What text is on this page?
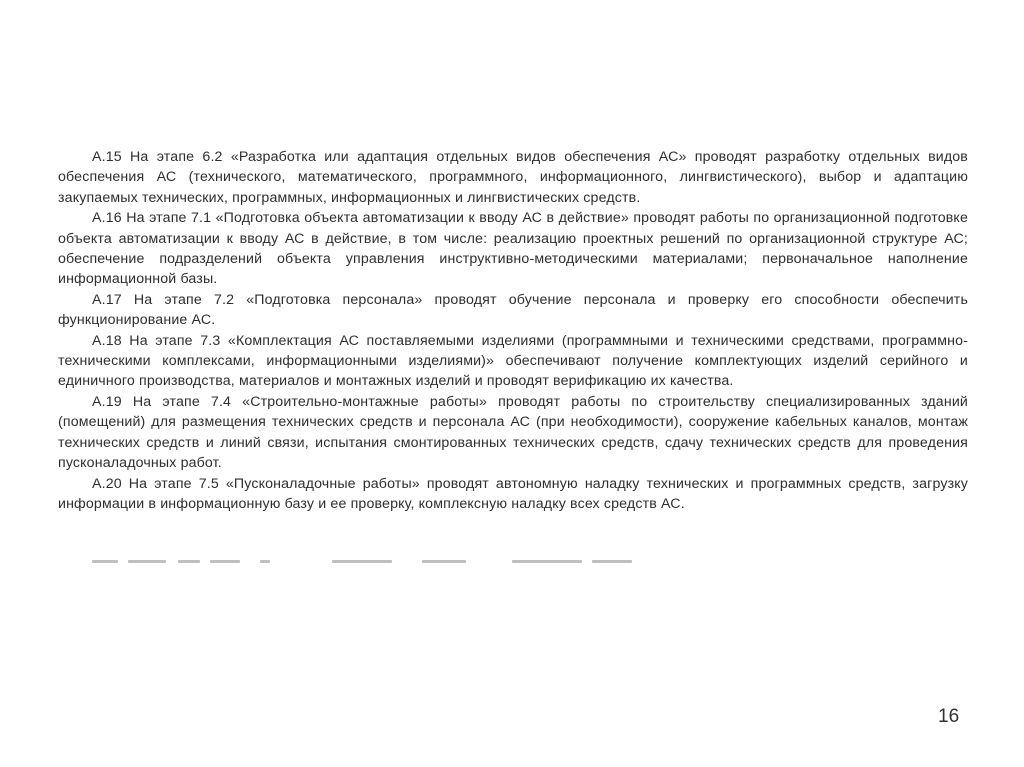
А.15 На этапе 6.2 «Разработка или адаптация отдельных видов обеспечения АС» проводят разработку отдельных видов обеспечения АС (технического, математического, программного, информационного, лингвистического), выбор и адаптацию закупаемых технических, программных, информационных и лингвистических средств.

А.16 На этапе 7.1 «Подготовка объекта автоматизации к вводу АС в действие» проводят работы по организационной подготовке объекта автоматизации к вводу АС в действие, в том числе: реализацию проектных решений по организационной структуре АС; обеспечение подразделений объекта управления инструктивно-методическими материалами; первоначальное наполнение информационной базы.

А.17 На этапе 7.2 «Подготовка персонала» проводят обучение персонала и проверку его способности обеспечить функционирование АС.

А.18 На этапе 7.3 «Комплектация АС поставляемыми изделиями (программными и техническими средствами, программно-техническими комплексами, информационными изделиями)» обеспечивают получение комплектующих изделий серийного и единичного производства, материалов и монтажных изделий и проводят верификацию их качества.

А.19 На этапе 7.4 «Строительно-монтажные работы» проводят работы по строительству специализированных зданий (помещений) для размещения технических средств и персонала АС (при необходимости), сооружение кабельных каналов, монтаж технических средств и линий связи, испытания смонтированных технических средств, сдачу технических средств для проведения пусконаладочных работ.

А.20 На этапе 7.5 «Пусконаладочные работы» проводят автономную наладку технических и программных средств, загрузку информации в информационную базу и ее проверку, комплексную наладку всех средств АС.

16
